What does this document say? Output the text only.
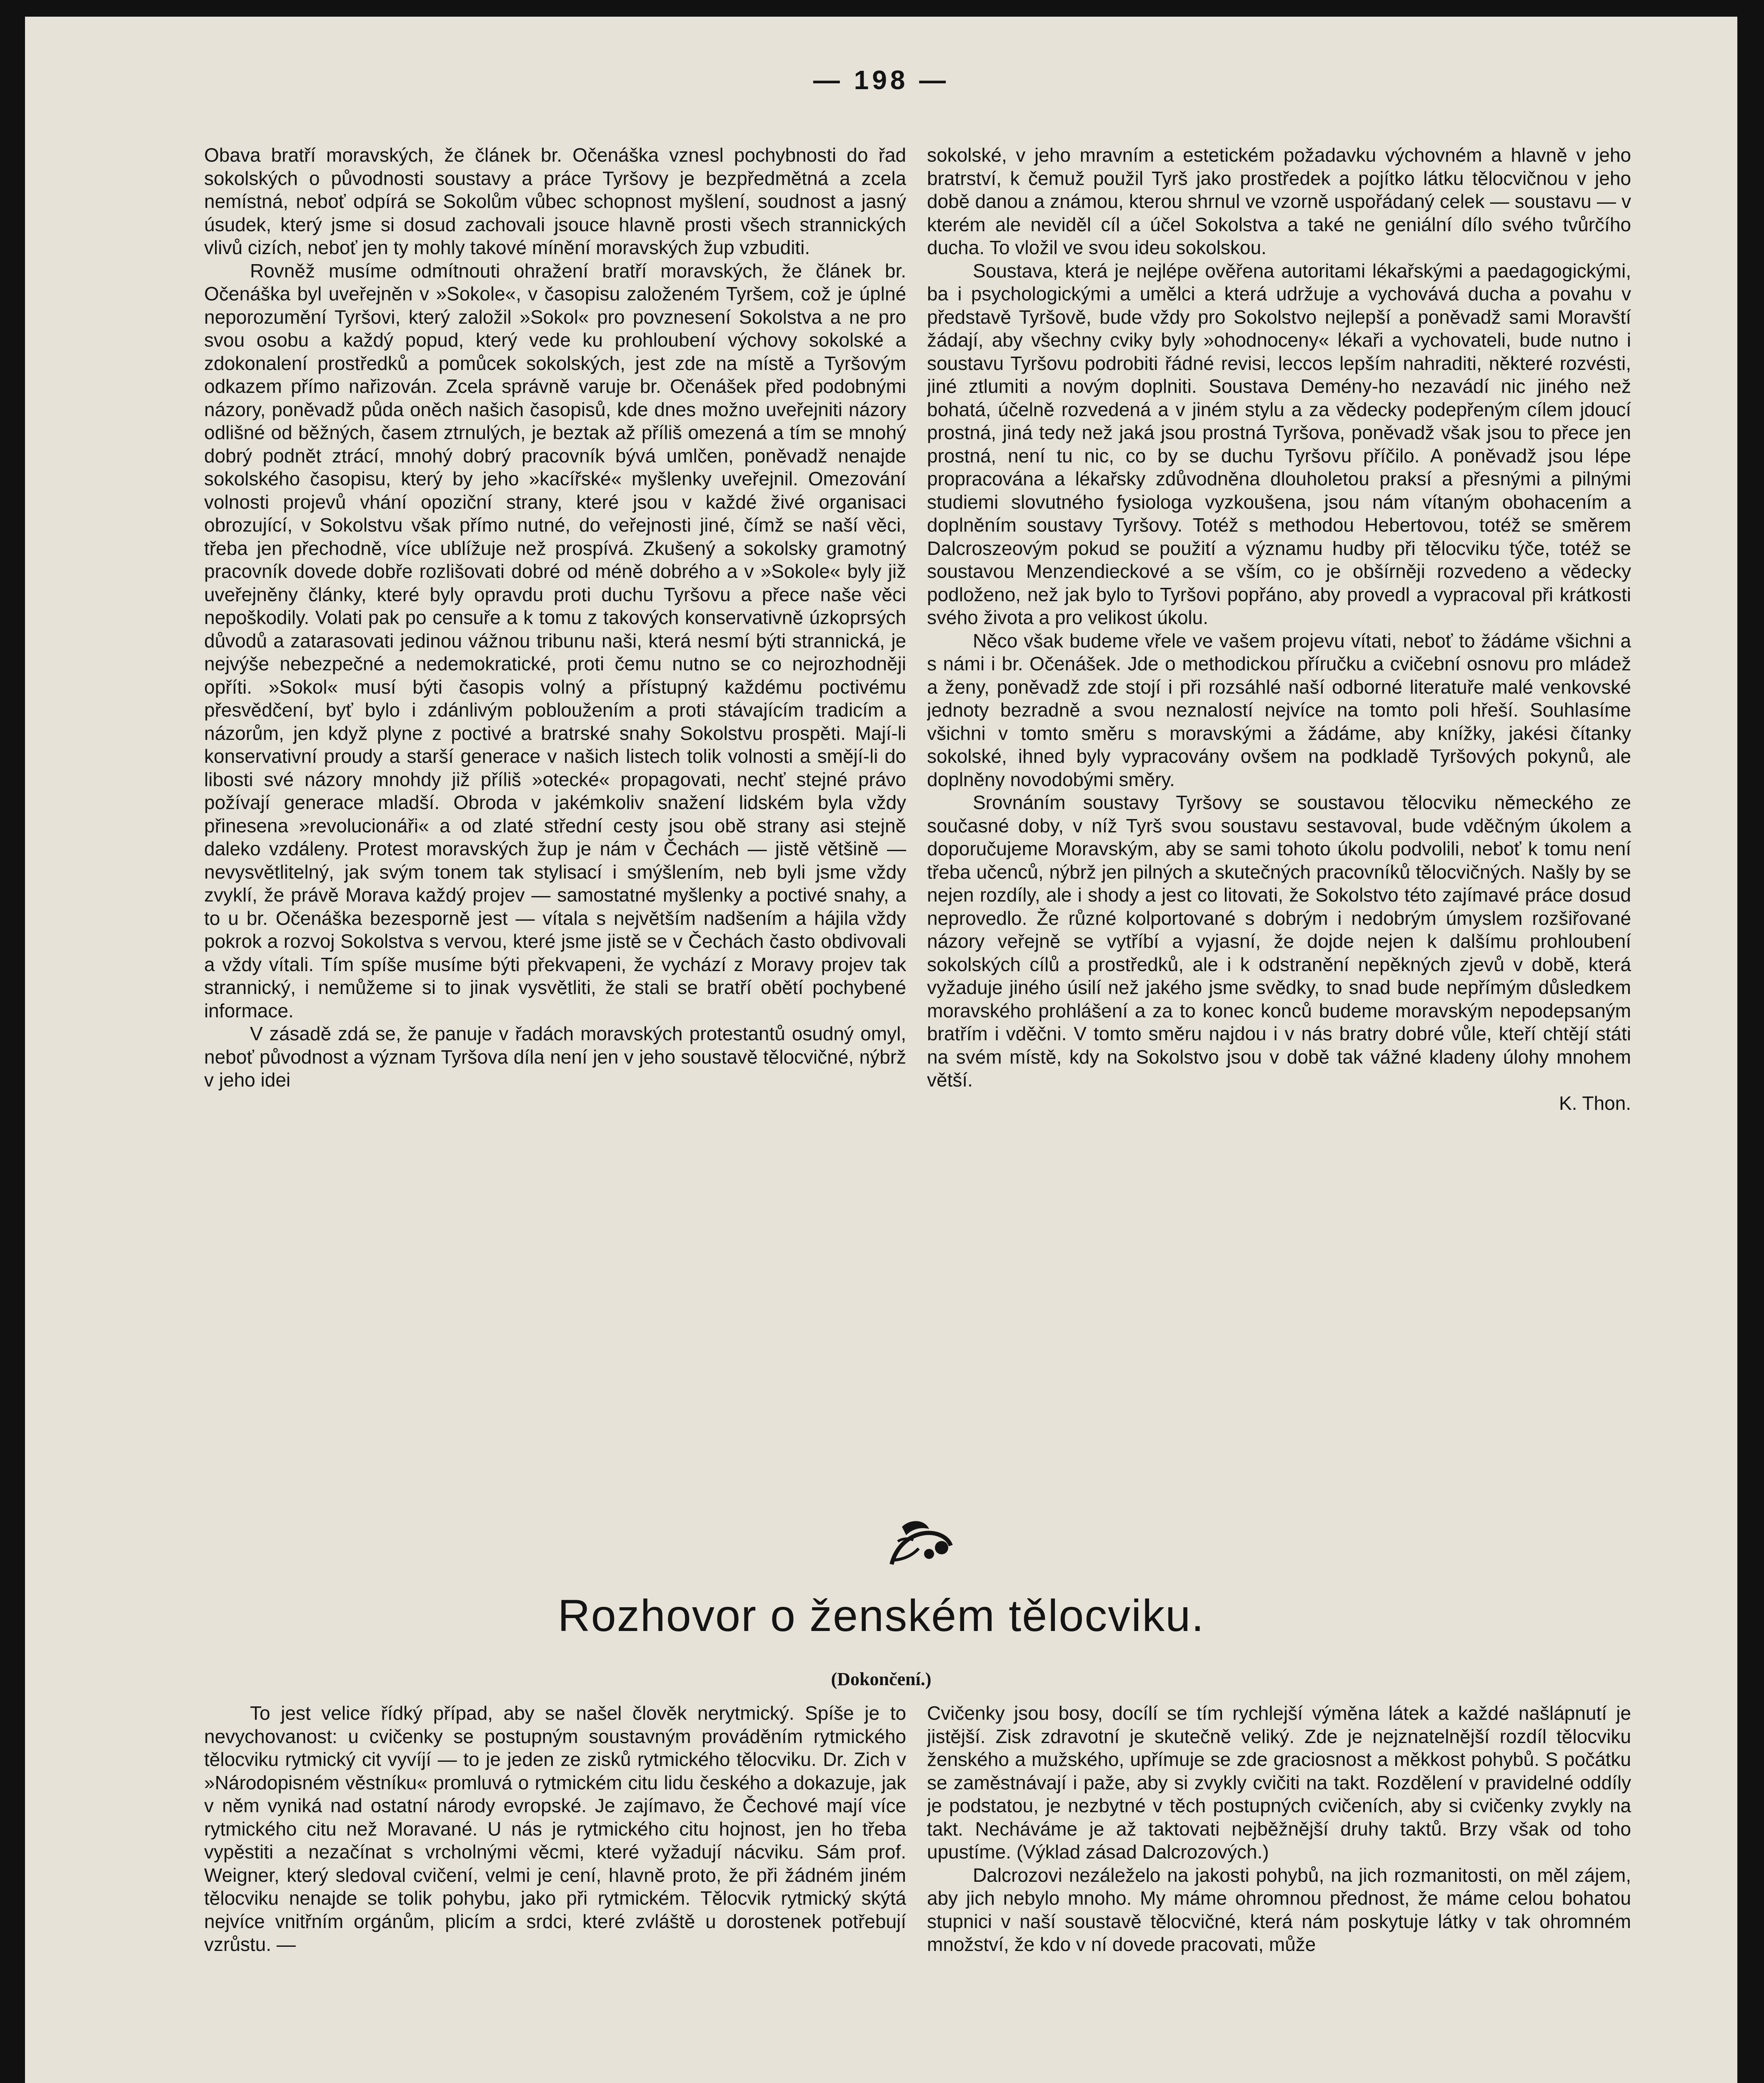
— 198 —

Obava bratří moravských, že článek br. Očenáška vznesl pochybnosti do řad sokolských o původnosti soustavy a práce Tyršovy je bezpředmětná a zcela nemístná, neboť odpírá se Sokolům vůbec schopnost myšlení, soudnost a jasný úsudek, který jsme si dosud zachovali jsouce hlavně prosti všech strannických vlivů cizích, neboť jen ty mohly takové mínění moravských žup vzbuditi.

Rovněž musíme odmítnouti ohražení bratří moravských, že článek br. Očenáška byl uveřejněn v »Sokole«, v časopisu založeném Tyršem, což je úplné neporozumění Tyršovi, který založil »Sokol« pro povznesení Sokolstva a ne pro svou osobu a každý popud, který vede ku prohloubení výchovy sokolské a zdokonalení prostředků a pomůcek sokolských, jest zde na místě a Tyršovým odkazem přímo nařizován. Zcela správně varuje br. Očenášek před podobnými názory, poněvadž půda oněch našich časopisů, kde dnes možno uveřejniti názory odlišné od běžných, časem ztrnulých, je beztak až příliš omezená a tím se mnohý dobrý podnět ztrácí, mnohý dobrý pracovník bývá umlčen, poněvadž nenajde sokolského časopisu, který by jeho »kacířské« myšlenky uveřejnil. Omezování volnosti projevů vhání opoziční strany, které jsou v každé živé organisaci obrozující, v Sokolstvu však přímo nutné, do veřejnosti jiné, čímž se naší věci, třeba jen přechodně, více ublížuje než prospívá. Zkušený a sokolsky gramotný pracovník dovede dobře rozlišovati dobré od méně dobrého a v »Sokole« byly již uveřejněny články, které byly opravdu proti duchu Tyršovu a přece naše věci nepoškodily. Volati pak po censuře a k tomu z takových konservativně úzkoprsých důvodů a zatarasovati jedinou vážnou tribunu naši, která nesmí býti strannická, je nejvýše nebezpečné a nedemokratické, proti čemu nutno se co nejrozhodněji opříti. »Sokol« musí býti časopis volný a přístupný každému poctivému přesvědčení, byť bylo i zdánlivým pobloužením a proti stávajícím tradicím a názorům, jen když plyne z poctivé a bratrské snahy Sokolstvu prospěti. Mají-li konservativní proudy a starší generace v našich listech tolik volnosti a smějí-li do libosti své názory mnohdy již příliš »otecké« propagovati, nechť stejné právo požívají generace mladší. Obroda v jakémkoliv snažení lidském byla vždy přinesena »revolucionáři« a od zlaté střední cesty jsou obě strany asi stejně daleko vzdáleny. Protest moravských žup je nám v Čechách — jistě většině — nevysvětlitelný, jak svým tonem tak stylisací i smýšlením, neb byli jsme vždy zvyklí, že právě Morava každý projev — samostatné myšlenky a poctivé snahy, a to u br. Očenáška bezesporně jest — vítala s největším nadšením a hájila vždy pokrok a rozvoj Sokolstva s vervou, které jsme jistě se v Čechách často obdivovali a vždy vítali. Tím spíše musíme býti překvapeni, že vychází z Moravy projev tak strannický, i nemůžeme si to jinak vysvětliti, že stali se bratří obětí pochybené informace.

V zásadě zdá se, že panuje v řadách moravských protestantů osudný omyl, neboť původnost a význam Tyršova díla není jen v jeho soustavě tělocvičné, nýbrž v jeho idei

sokolské, v jeho mravním a estetickém požadavku výchovném a hlavně v jeho bratrství, k čemuž použil Tyrš jako prostředek a pojítko látku tělocvičnou v jeho době danou a známou, kterou shrnul ve vzorně uspořádaný celek — soustavu — v kterém ale neviděl cíl a účel Sokolstva a také ne geniální dílo svého tvůrčího ducha. To vložil ve svou ideu sokolskou.

Soustava, která je nejlépe ověřena autoritami lékařskými a paedagogickými, ba i psychologickými a umělci a která udržuje a vychovává ducha a povahu v představě Tyršově, bude vždy pro Sokolstvo nejlepší a poněvadž sami Moravští žádají, aby všechny cviky byly »ohodnoceny« lékaři a vychovateli, bude nutno i soustavu Tyršovu podrobiti řádné revisi, leccos lepším nahraditi, některé rozvésti, jiné ztlumiti a novým doplniti. Soustava Demény-ho nezavádí nic jiného než bohatá, účelně rozvedená a v jiném stylu a za vědecky podepřeným cílem jdoucí prostná, jiná tedy než jaká jsou prostná Tyršova, poněvadž však jsou to přece jen prostná, není tu nic, co by se duchu Tyršovu příčilo. A poněvadž jsou lépe propracována a lékařsky zdůvodněna dlouholetou praksí a přesnými a pilnými studiemi slovutného fysiologa vyzkoušena, jsou nám vítaným obohacením a doplněním soustavy Tyršovy. Totéž s methodou Hebertovou, totéž se směrem Dalcroszeovým pokud se použití a významu hudby při tělocviku týče, totéž se soustavou Menzendieckové a se vším, co je obšírněji rozvedeno a vědecky podloženo, než jak bylo to Tyršovi popřáno, aby provedl a vypracoval při krátkosti svého života a pro velikost úkolu.

Něco však budeme vřele ve vašem projevu vítati, neboť to žádáme všichni a s námi i br. Očenášek. Jde o methodickou příručku a cvičební osnovu pro mládež a ženy, poněvadž zde stojí i při rozsáhlé naší odborné literatuře malé venkovské jednoty bezradně a svou neznalostí nejvíce na tomto poli hřeší. Souhlasíme všichni v tomto směru s moravskými a žádáme, aby knížky, jakési čítanky sokolské, ihned byly vypracovány ovšem na podkladě Tyršových pokynů, ale doplněny novodobými směry.

Srovnáním soustavy Tyršovy se soustavou tělocviku německého ze současné doby, v níž Tyrš svou soustavu sestavoval, bude vděčným úkolem a doporučujeme Moravským, aby se sami tohoto úkolu podvolili, neboť k tomu není třeba učenců, nýbrž jen pilných a skutečných pracovníků tělocvičných. Našly by se nejen rozdíly, ale i shody a jest co litovati, že Sokolstvo této zajímavé práce dosud neprovedlo. Že různé kolportované s dobrým i nedobrým úmyslem rozšiřované názory veřejně se vytříbí a vyjasní, že dojde nejen k dalšímu prohloubení sokolských cílů a prostředků, ale i k odstranění nepěkných zjevů v době, která vyžaduje jiného úsilí než jakého jsme svědky, to snad bude nepřímým důsledkem moravského prohlášení a za to konec konců budeme moravským nepodepsaným bratřím i vděčni. V tomto směru najdou i v nás bratry dobré vůle, kteří chtějí státi na svém místě, kdy na Sokolstvo jsou v době tak vážné kladeny úlohy mnohem větší.

K. Thon.

Rozhovor o ženském tělocviku.
(Dokončení.)

To jest velice řídký případ, aby se našel člověk nerytmický. Spíše je to nevychovanost: u cvičenky se postupným soustavným prováděním rytmického tělocviku rytmický cit vyvíjí — to je jeden ze zisků rytmického tělocviku. Dr. Zich v »Národopisném věstníku« promluvá o rytmickém citu lidu českého a dokazuje, jak v něm vyniká nad ostatní národy evropské. Je zajímavo, že Čechové mají více rytmického citu než Moravané. U nás je rytmického citu hojnost, jen ho třeba vypěstiti a nezačínat s vrcholnými věcmi, které vyžadují nácviku. Sám prof. Weigner, který sledoval cvičení, velmi je cení, hlavně proto, že při žádném jiném tělocviku nenajde se tolik pohybu, jako při rytmickém. Tělocvik rytmický skýtá nejvíce vnitřním orgánům, plicím a srdci, které zvláště u dorostenek potřebují vzrůstu. —

Cvičenky jsou bosy, docílí se tím rychlejší výměna látek a každé našlápnutí je jistější. Zisk zdravotní je skutečně veliký. Zde je nejznatelnější rozdíl tělocviku ženského a mužského, upřímuje se zde graciosnost a měkkost pohybů. S počátku se zaměstnávají i paže, aby si zvykly cvičiti na takt. Rozdělení v pravidelné oddíly je podstatou, je nezbytné v těch postupných cvičeních, aby si cvičenky zvykly na takt. Necháváme je až taktovati nejběžnější druhy taktů. Brzy však od toho upustíme. (Výklad zásad Dalcrozových.)

Dalcrozovi nezáleželo na jakosti pohybů, na jich rozmanitosti, on měl zájem, aby jich nebylo mnoho. My máme ohromnou přednost, že máme celou bohatou stupnici v naší soustavě tělocvičné, která nám poskytuje látky v tak ohromném množství, že kdo v ní dovede pracovati, může
